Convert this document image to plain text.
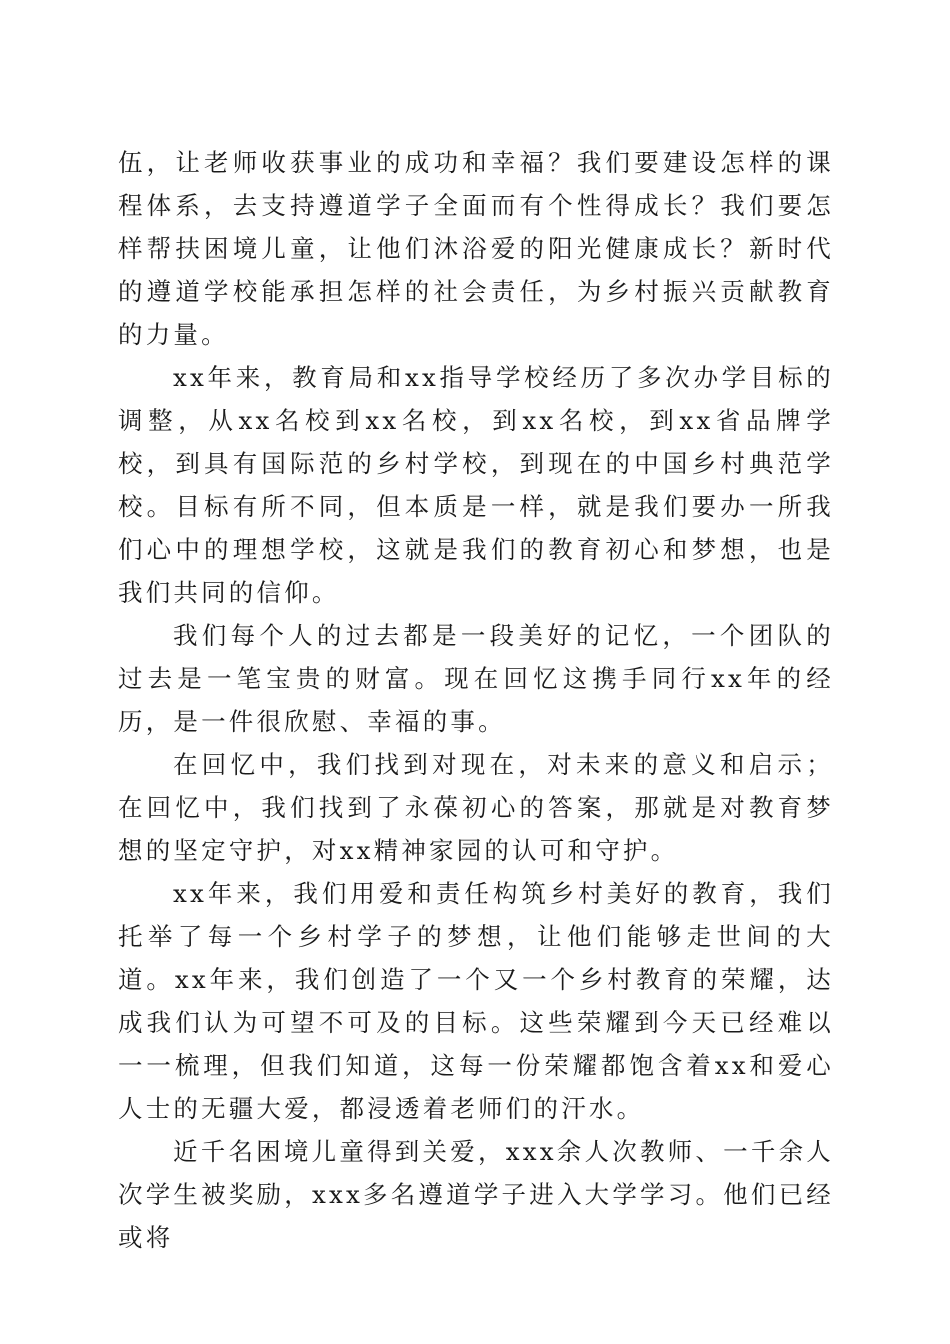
伍，让老师收获事业的成功和幸福？我们要建设怎样的课程体系，去支持遵道学子全面而有个性得成长？我们要怎样帮扶困境儿童，让他们沐浴爱的阳光健康成长？新时代的遵道学校能承担怎样的社会责任，为乡村振兴贡献教育的力量。

xx年来，教育局和xx指导学校经历了多次办学目标的调整，从xx名校到xx名校，到xx名校，到xx省品牌学校，到具有国际范的乡村学校，到现在的中国乡村典范学校。目标有所不同，但本质是一样，就是我们要办一所我们心中的理想学校，这就是我们的教育初心和梦想，也是我们共同的信仰。

我们每个人的过去都是一段美好的记忆，一个团队的过去是一笔宝贵的财富。现在回忆这携手同行xx年的经历，是一件很欣慰、幸福的事。

在回忆中，我们找到对现在，对未来的意义和启示；在回忆中，我们找到了永葆初心的答案，那就是对教育梦想的坚定守护，对xx精神家园的认可和守护。

xx年来，我们用爱和责任构筑乡村美好的教育，我们托举了每一个乡村学子的梦想，让他们能够走世间的大道。xx年来，我们创造了一个又一个乡村教育的荣耀，达成我们认为可望不可及的目标。这些荣耀到今天已经难以一一梳理，但我们知道，这每一份荣耀都饱含着xx和爱心人士的无疆大爱，都浸透着老师们的汗水。

近千名困境儿童得到关爱，xxx余人次教师、一千余人次学生被奖励，xxx多名遵道学子进入大学学习。他们已经或将
